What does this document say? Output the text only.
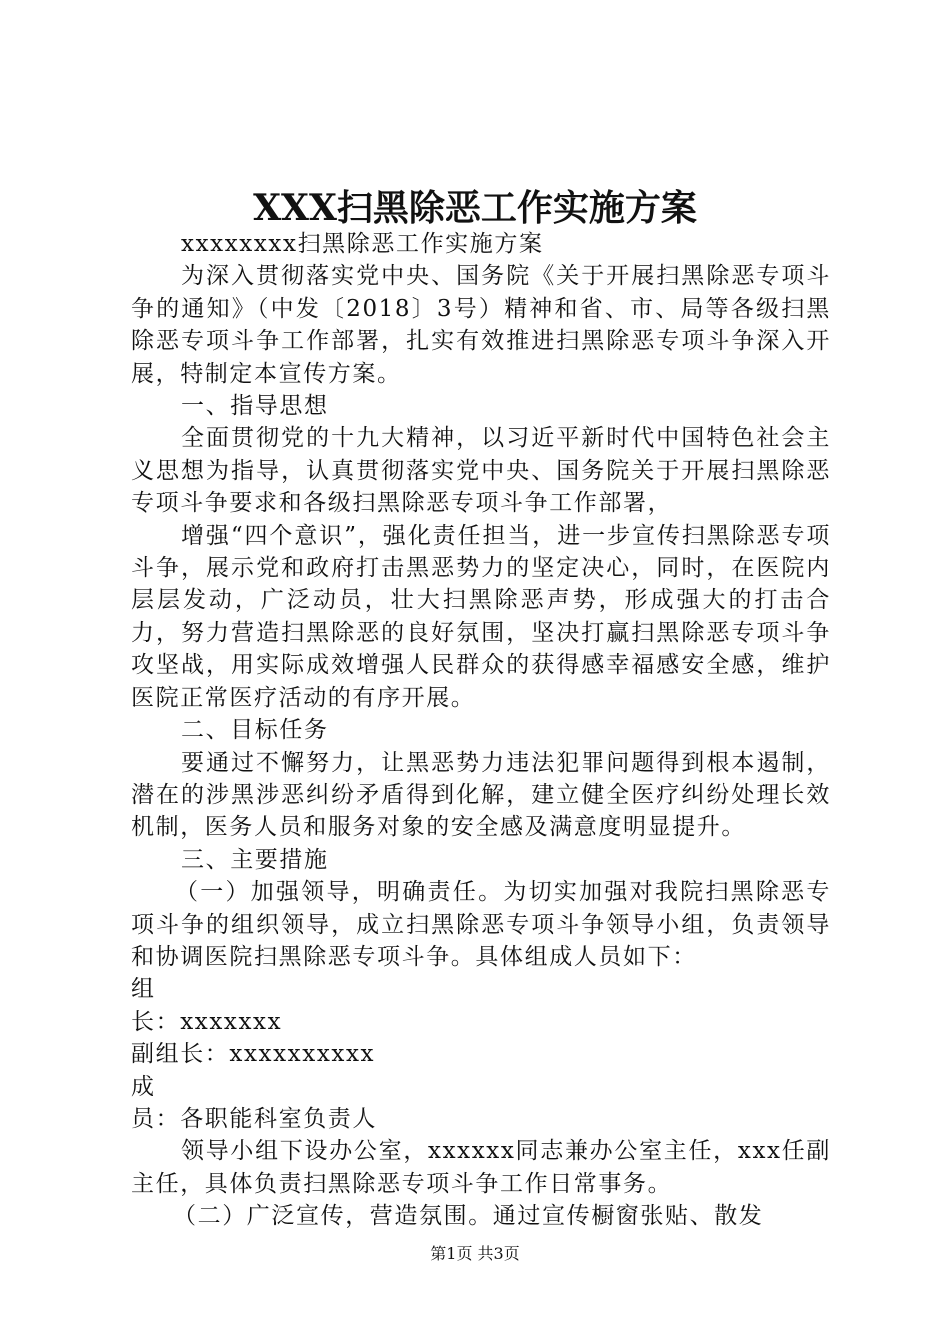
XXX扫黑除恶工作实施方案

xxxxxxxx扫黑除恶工作实施方案

为深入贯彻落实党中央、国务院《关于开展扫黑除恶专项斗争的通知》（中发〔2018〕3号）精神和省、市、局等各级扫黑除恶专项斗争工作部署，扎实有效推进扫黑除恶专项斗争深入开展，特制定本宣传方案。

一、指导思想

全面贯彻党的十九大精神，以习近平新时代中国特色社会主义思想为指导，认真贯彻落实党中央、国务院关于开展扫黑除恶专项斗争要求和各级扫黑除恶专项斗争工作部署，

增强“四个意识”，强化责任担当，进一步宣传扫黑除恶专项斗争，展示党和政府打击黑恶势力的坚定决心，同时，在医院内层层发动，广泛动员，壮大扫黑除恶声势，形成强大的打击合力，努力营造扫黑除恶的良好氛围，坚决打赢扫黑除恶专项斗争攻坚战，用实际成效增强人民群众的获得感幸福感安全感，维护医院正常医疗活动的有序开展。

二、目标任务

要通过不懈努力，让黑恶势力违法犯罪问题得到根本遏制，潜在的涉黑涉恶纠纷矛盾得到化解，建立健全医疗纠纷处理长效机制，医务人员和服务对象的安全感及满意度明显提升。

三、主要措施

（一）加强领导，明确责任。为切实加强对我院扫黑除恶专项斗争的组织领导，成立扫黑除恶专项斗争领导小组，负责领导和协调医院扫黑除恶专项斗争。具体组成人员如下：

组

长：xxxxxxx

副组长：xxxxxxxxxx

成

员：各职能科室负责人

领导小组下设办公室，xxxxxx同志兼办公室主任，xxx任副主任，具体负责扫黑除恶专项斗争工作日常事务。

（二）广泛宣传，营造氛围。通过宣传橱窗张贴、散发

第1页 共3页
